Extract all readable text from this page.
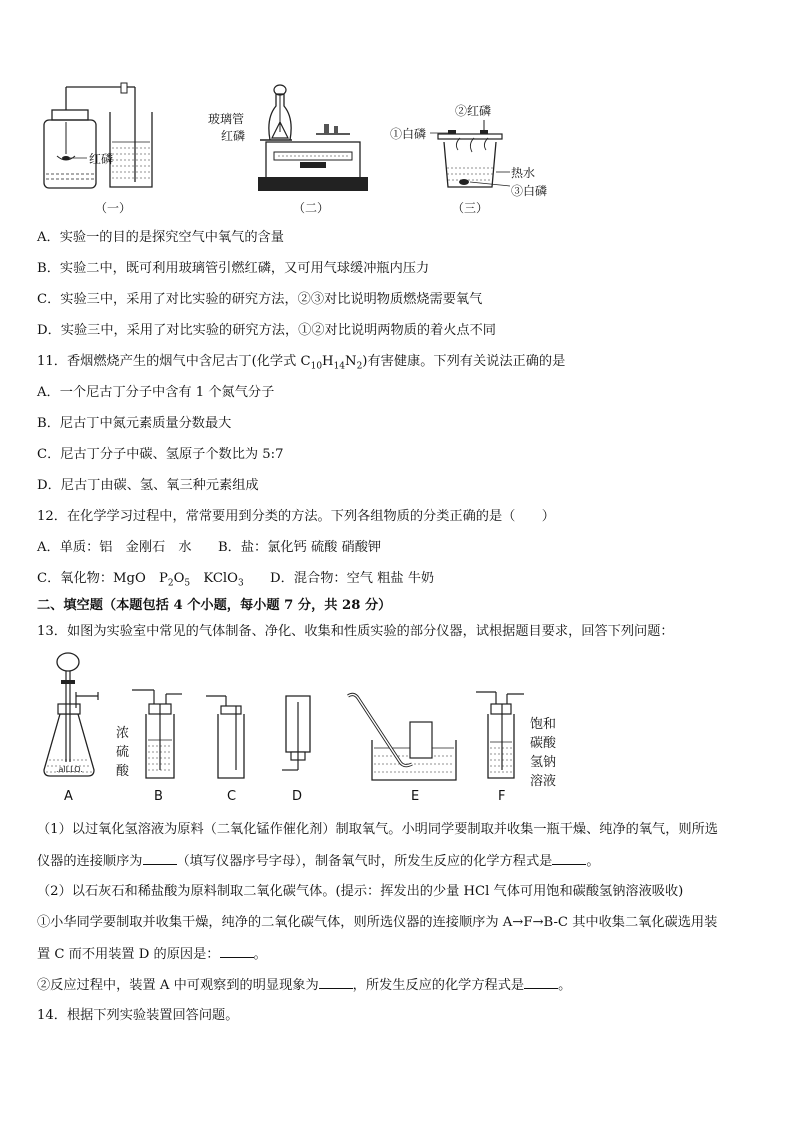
红磷
玻璃管
红磷
②红磷
①白磷
热水
③白磷
（一）	（二）	（三）
A．实验一的目的是探究空气中氧气的含量
B．实验二中，既可利用玻璃管引燃红磷，又可用气球缓冲瓶内压力
C．实验三中，采用了对比实验的研究方法，②③对比说明物质燃烧需要氧气
D．实验三中，采用了对比实验的研究方法，①②对比说明两物质的着火点不同
11．香烟燃烧产生的烟气中含尼古丁(化学式 $C_{10}H_{14}N_2$)有害健康。下列有关说法正确的是
A．一个尼古丁分子中含有 1 个氮气分子
B．尼古丁中氮元素质量分数最大
C．尼古丁分子中碳、氢原子个数比为 5:7
D．尼古丁由碳、氢、氧三种元素组成
12．在化学学习过程中，常常要用到分类的方法。下列各组物质的分类正确的是（　　）
A．单质：铝　金刚石　水　　B．盐：氯化钙 硫酸 硝酸钾
C．氧化物：MgO　$P_2O_5$　KClO$_3$　　D．混合物：空气 粗盐 牛奶
二、填空题（本题包括 4 个小题，每小题 7 分，共 28 分）
13．如图为实验室中常见的气体制备、净化、收集和性质实验的部分仪器，试根据题目要求，回答下列问题：
.alLLO.
A
浓
硫
酸
B	C	D	E
饱和
碳酸
氢钠
溶液
F
（1）以过氧化氢溶液为原料（二氧化锰作催化剂）制取氧气。小明同学要制取并收集一瓶干燥、纯净的氧气，则所选
仪器的连接顺序为	（填写仪器序号字母），制备氧气时，所发生反应的化学方程式是	。
（2）以石灰石和稀盐酸为原料制取二氧化碳气体。(提示：挥发出的少量 HCl 气体可用饱和碳酸氢钠溶液吸收)
①小华同学要制取并收集干燥，纯净的二氧化碳气体，则所选仪器的连接顺序为 A→F→B-C 其中收集二氧化碳选用装
置 C 而不用装置 D 的原因是：	。
②反应过程中，装置 A 中可观察到的明显现象为	，所发生反应的化学方程式是	。
14．根据下列实验装置回答问题。
